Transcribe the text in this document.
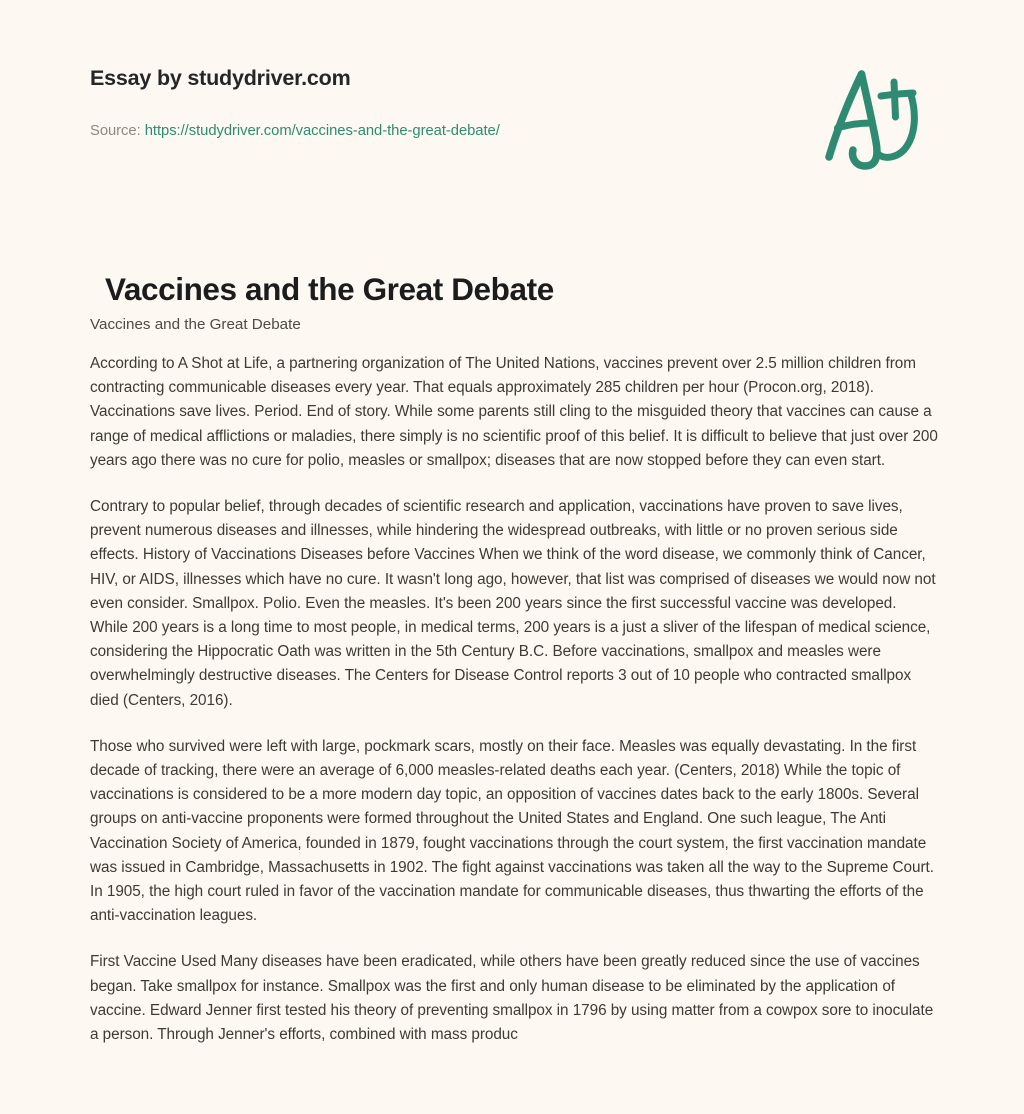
Essay by studydriver.com
Source: https://studydriver.com/vaccines-and-the-great-debate/
Vaccines and the Great Debate
Vaccines and the Great Debate

According to A Shot at Life, a partnering organization of The United Nations, vaccines prevent over 2.5 million children from contracting communicable diseases every year. That equals approximately 285 children per hour (Procon.org, 2018). Vaccinations save lives. Period. End of story. While some parents still cling to the misguided theory that vaccines can cause a range of medical afflictions or maladies, there simply is no scientific proof of this belief. It is difficult to believe that just over 200 years ago there was no cure for polio, measles or smallpox; diseases that are now stopped before they can even start.

Contrary to popular belief, through decades of scientific research and application, vaccinations have proven to save lives, prevent numerous diseases and illnesses, while hindering the widespread outbreaks, with little or no proven serious side effects. History of Vaccinations Diseases before Vaccines When we think of the word disease, we commonly think of Cancer, HIV, or AIDS, illnesses which have no cure. It wasn't long ago, however, that list was comprised of diseases we would now not even consider. Smallpox. Polio. Even the measles. It's been 200 years since the first successful vaccine was developed. While 200 years is a long time to most people, in medical terms, 200 years is a just a sliver of the lifespan of medical science, considering the Hippocratic Oath was written in the 5th Century B.C. Before vaccinations, smallpox and measles were overwhelmingly destructive diseases. The Centers for Disease Control reports 3 out of 10 people who contracted smallpox died (Centers, 2016).

Those who survived were left with large, pockmark scars, mostly on their face. Measles was equally devastating. In the first decade of tracking, there were an average of 6,000 measles-related deaths each year. (Centers, 2018) While the topic of vaccinations is considered to be a more modern day topic, an opposition of vaccines dates back to the early 1800s. Several groups on anti-vaccine proponents were formed throughout the United States and England. One such league, The Anti Vaccination Society of America, founded in 1879, fought vaccinations through the court system, the first vaccination mandate was issued in Cambridge, Massachusetts in 1902. The fight against vaccinations was taken all the way to the Supreme Court. In 1905, the high court ruled in favor of the vaccination mandate for communicable diseases, thus thwarting the efforts of the anti-vaccination leagues.

First Vaccine Used Many diseases have been eradicated, while others have been greatly reduced since the use of vaccines began. Take smallpox for instance. Smallpox was the first and only human disease to be eliminated by the application of vaccine. Edward Jenner first tested his theory of preventing smallpox in 1796 by using matter from a cowpox sore to inoculate a person. Through Jenner's efforts, combined with mass produc
